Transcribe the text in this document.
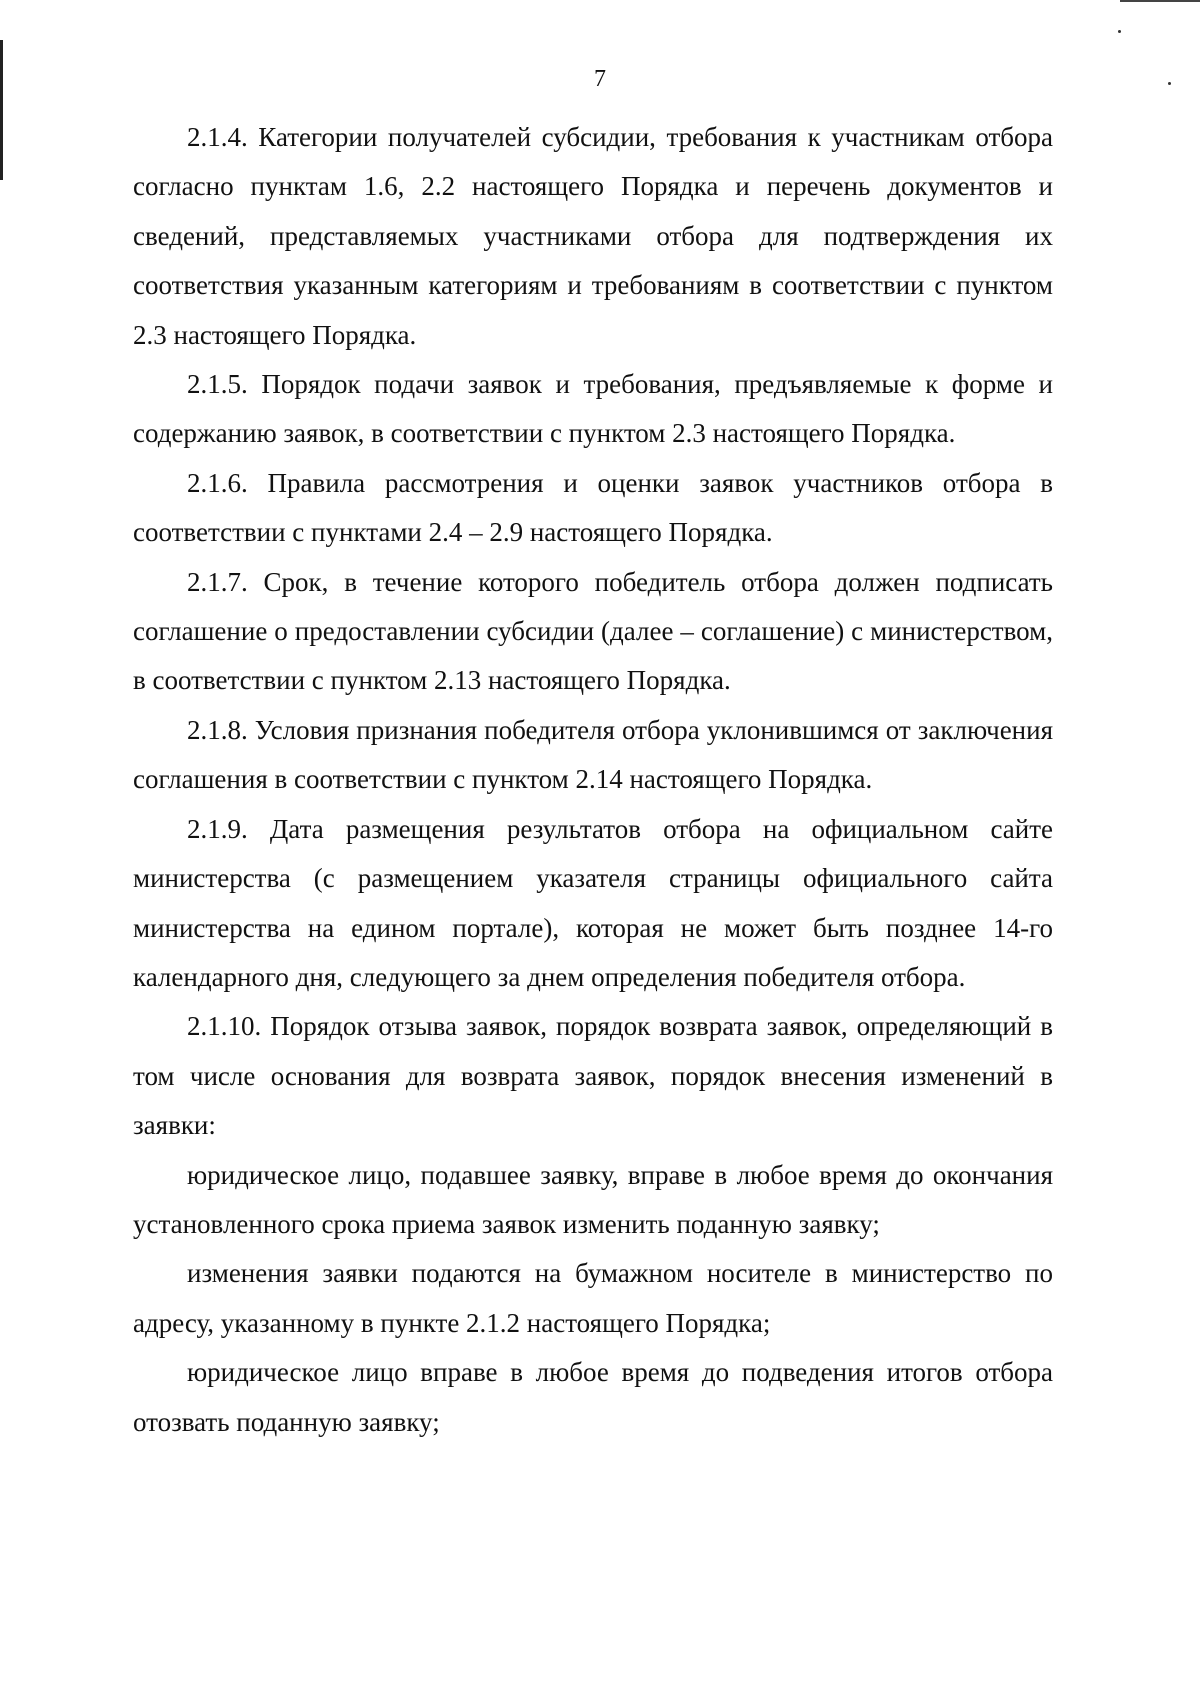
7

2.1.4. Категории получателей субсидии, требования к участникам отбора согласно пунктам 1.6, 2.2 настоящего Порядка и перечень документов и сведений, представляемых участниками отбора для подтверждения их соответствия указанным категориям и требованиям в соответствии с пунктом 2.3 настоящего Порядка.

2.1.5. Порядок подачи заявок и требования, предъявляемые к форме и содержанию заявок, в соответствии с пунктом 2.3 настоящего Порядка.

2.1.6. Правила рассмотрения и оценки заявок участников отбора в соответствии с пунктами 2.4 – 2.9 настоящего Порядка.

2.1.7. Срок, в течение которого победитель отбора должен подписать соглашение о предоставлении субсидии (далее – соглашение) с министерством, в соответствии с пунктом 2.13 настоящего Порядка.

2.1.8. Условия признания победителя отбора уклонившимся от заключения соглашения в соответствии с пунктом 2.14 настоящего Порядка.

2.1.9. Дата размещения результатов отбора на официальном сайте министерства (с размещением указателя страницы официального сайта министерства на едином портале), которая не может быть позднее 14-го календарного дня, следующего за днем определения победителя отбора.

2.1.10. Порядок отзыва заявок, порядок возврата заявок, определяющий в том числе основания для возврата заявок, порядок внесения изменений в заявки:

юридическое лицо, подавшее заявку, вправе в любое время до окончания установленного срока приема заявок изменить поданную заявку;

изменения заявки подаются на бумажном носителе в министерство по адресу, указанному в пункте 2.1.2 настоящего Порядка;

юридическое лицо вправе в любое время до подведения итогов отбора отозвать поданную заявку;
